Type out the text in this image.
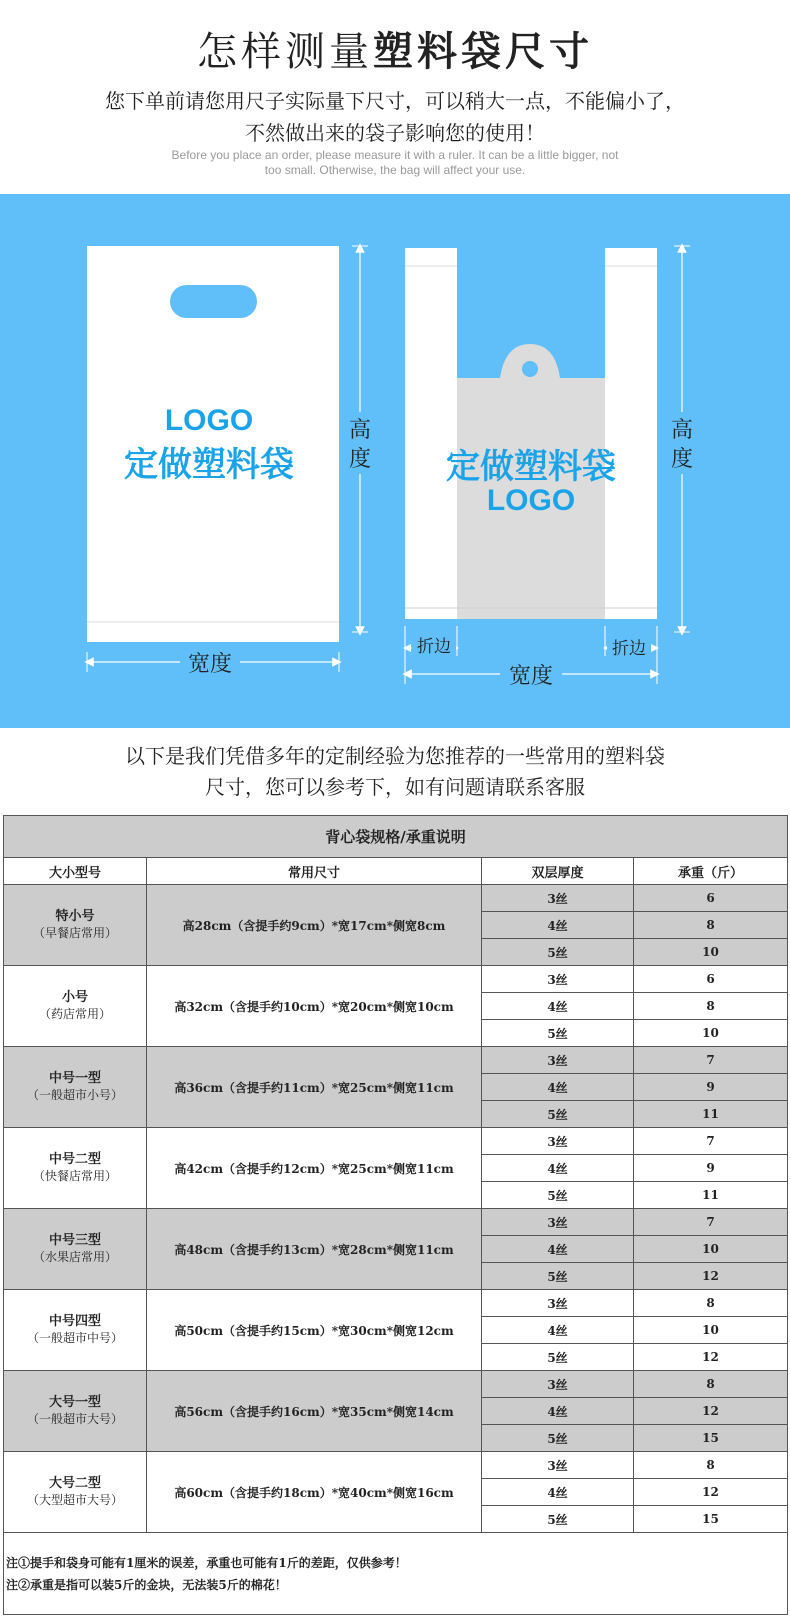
怎样测量塑料袋尺寸
您下单前请您用尺子实际量下尺寸，可以稍大一点，不能偏小了，
不然做出来的袋子影响您的使用！
Before you place an order, please measure it with a ruler. It can be a little bigger, not
too small. Otherwise, the bag will affect your use.
LOGO
定做塑料袋
高度
宽度
定做塑料袋
LOGO
高度
折边	折边
宽度
以下是我们凭借多年的定制经验为您推荐的一些常用的塑料袋
尺寸，您可以参考下，如有问题请联系客服
背心袋规格/承重说明			
大小型号	常用尺寸	双层厚度	承重（斤）

特小号
（早餐店常用）	高28cm（含提手约9cm）*宽17cm*侧宽8cm	3丝	6
		4丝	8
		5丝	10

小号
（药店常用）	高32cm（含提手约10cm）*宽20cm*侧宽10cm	3丝	6
		4丝	8
		5丝	10

中号一型
（一般超市小号）	高36cm（含提手约11cm）*宽25cm*侧宽11cm	3丝	7
		4丝	9
		5丝	11

中号二型
（快餐店常用）	高42cm（含提手约12cm）*宽25cm*侧宽11cm	3丝	7
		4丝	9
		5丝	11

中号三型
（水果店常用）	高48cm（含提手约13cm）*宽28cm*侧宽11cm	3丝	7
		4丝	10
		5丝	12

中号四型
（一般超市中号）	高50cm（含提手约15cm）*宽30cm*侧宽12cm	3丝	8
		4丝	10
		5丝	12

大号一型
（一般超市大号）	高56cm（含提手约16cm）*宽35cm*侧宽14cm	3丝	8
		4丝	12
		5丝	15

大号二型
（大型超市大号）	高60cm（含提手约18cm）*宽40cm*侧宽16cm	3丝	8
		4丝	12
		5丝	15

注①提手和袋身可能有1厘米的误差，承重也可能有1斤的差距，仅供参考！
注②承重是指可以装5斤的金块，无法装5斤的棉花！			
